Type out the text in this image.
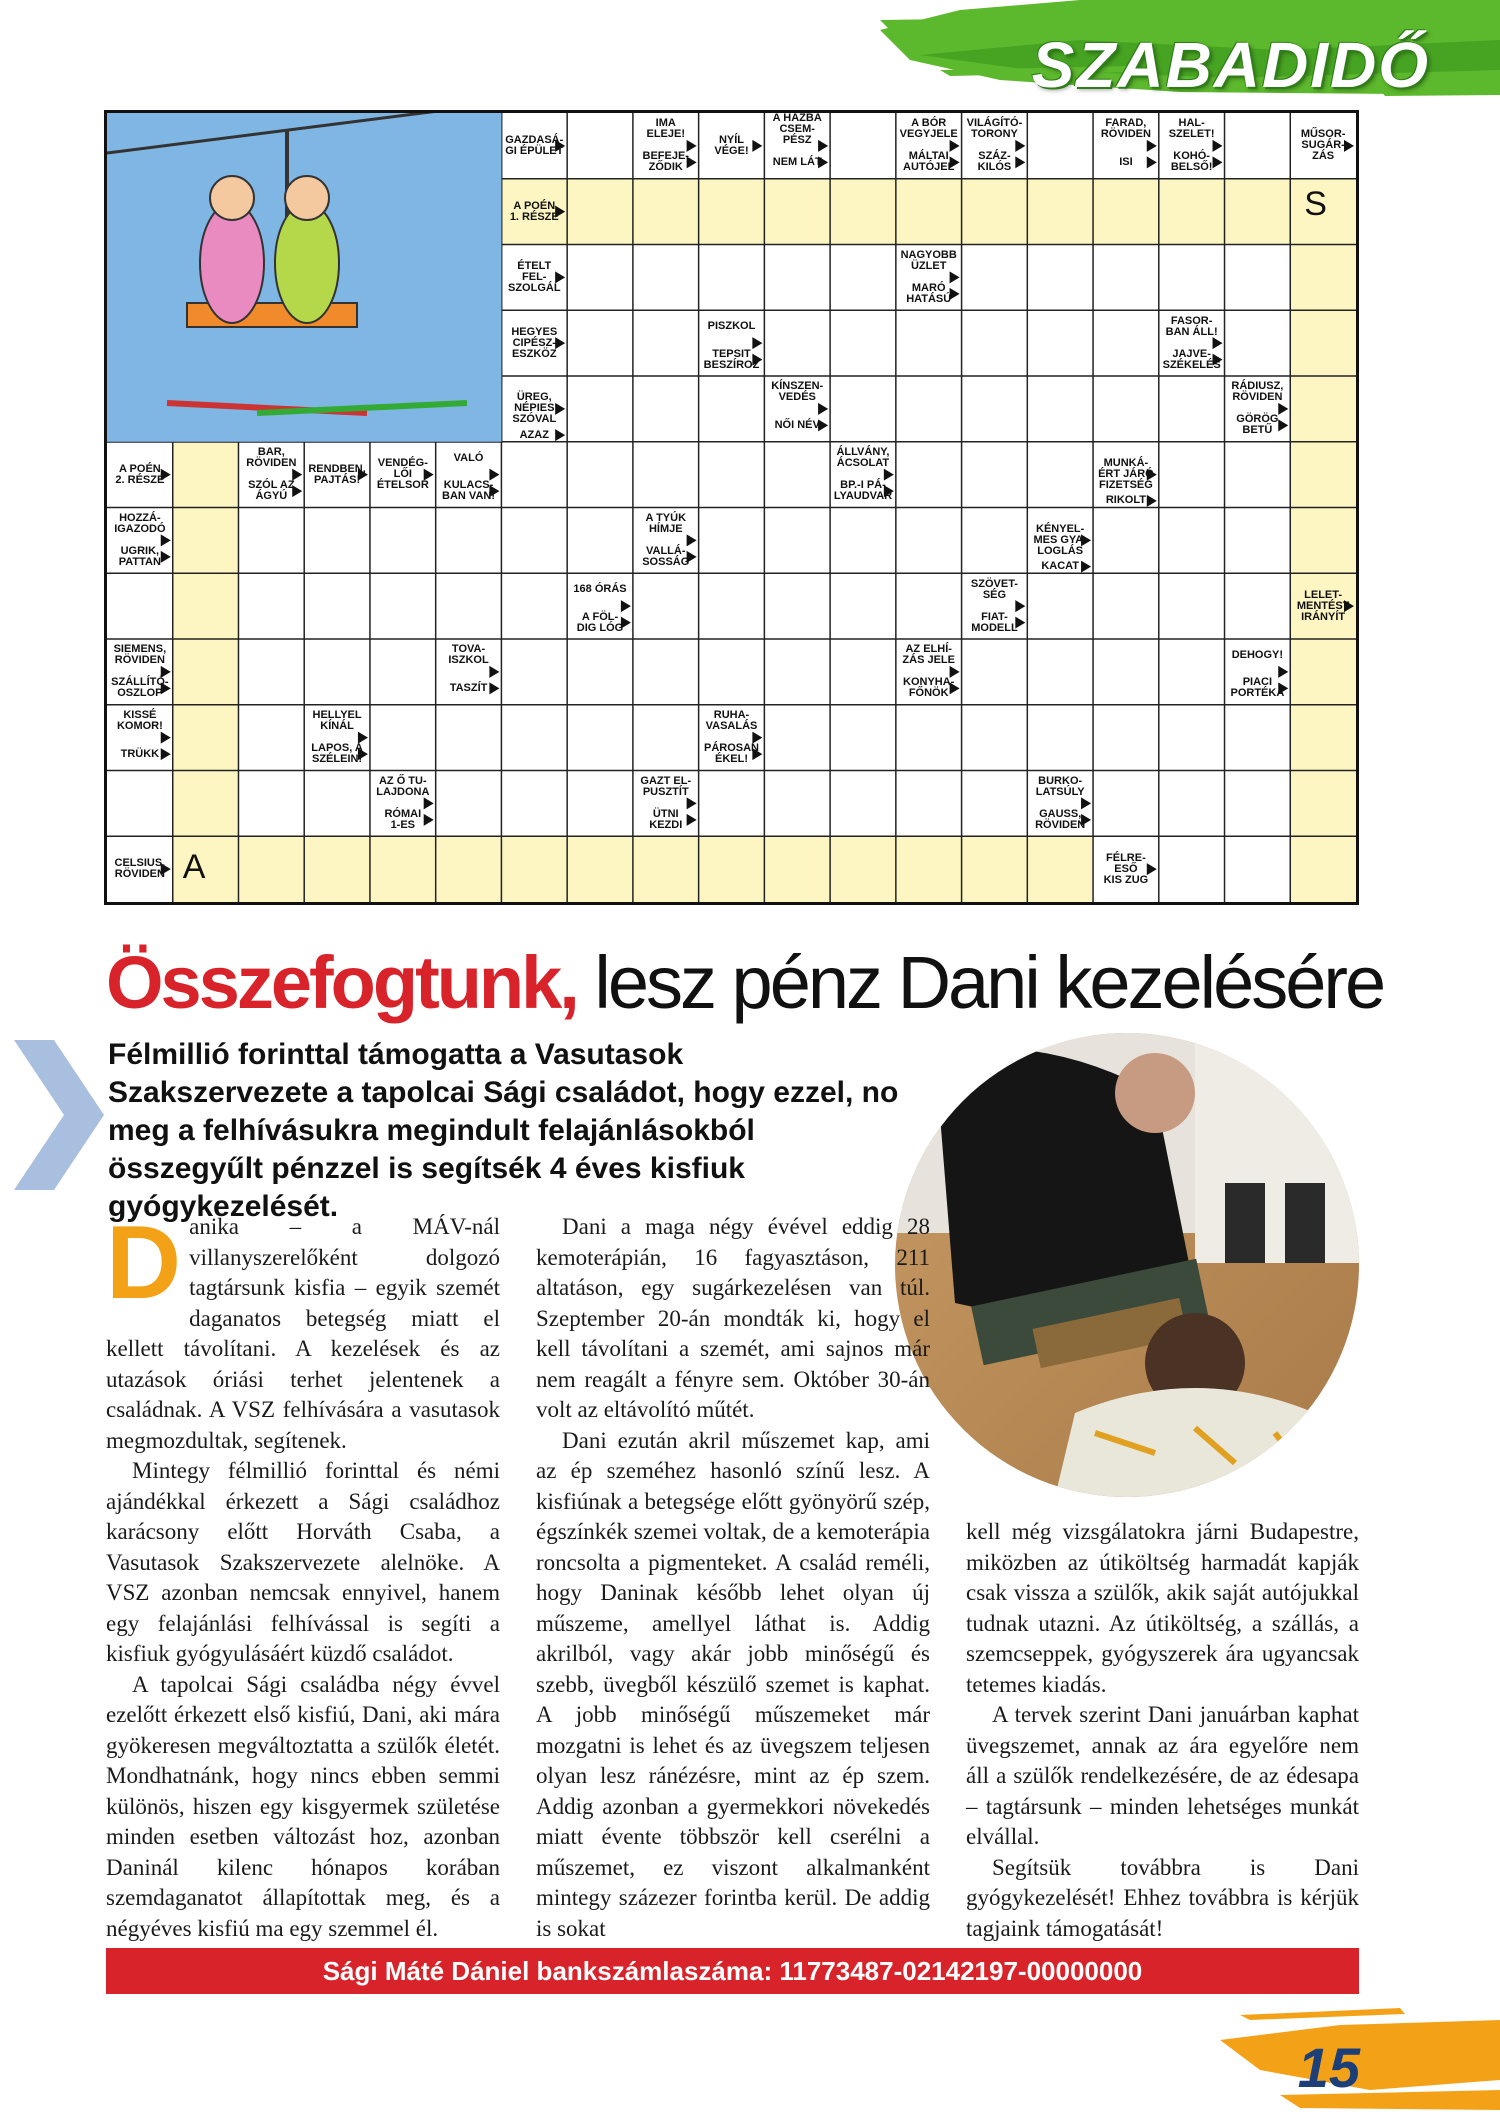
SZABADIDŐ
GAZDASÁ-
GI ÉPÜLET
IMA
ELEJE!
BEFEJE-
ZŐDIK
NYÍL
VÉGE!
A HÁZBA
CSEM-
PÉSZ
NEM LÁT
A BÓR
VEGYJELE
MÁLTAI
AUTÓJEL
VILÁGÍTÓ-
TORONY
SZÁZ-
KILÓS
FARAD,
RÖVIDEN
ISI
HAL-
SZELET!
KOHÓ-
BELSŐ!
MŰSOR-
SUGÁR-
ZÁS
A POÉN
1. RÉSZE
ÉTELT
FEL-
SZOLGÁL
NAGYOBB
ÜZLET
MARÓ
HATÁSÚ
HEGYES
CIPÉSZ-
ESZKÖZ
PISZKOL
TEPSIT
BESZÍROZ
FASOR-
BAN ÁLL!
JAJVE-
SZÉKELÉS
ÜREG,
NÉPIES
SZÓVAL
AZAZ
KÍNSZEN-
VEDÉS
NŐI NÉV
RÁDIUSZ,
RÖVIDEN
GÖRÖG
BETŰ
A POÉN
2. RÉSZE
BAR,
RÖVIDEN
SZÓL AZ
ÁGYÚ
RENDBEN,
PAJTÁS!
VENDÉG-
LŐI
ÉTELSOR
VALÓ
KULACS-
BAN VAN!
ÁLLVÁNY,
ÁCSOLAT
BP.-I PÁ-
LYAUDVAR
MUNKÁ-
ÉRT JÁRÓ
FIZETSÉG
RIKOLT
HOZZÁ-
IGAZODÓ
UGRIK,
PATTAN
A TYÚK
HÍMJE
VALLÁ-
SOSSÁG
KÉNYEL-
MES GYA-
LOGLÁS
KACAT
168 ÓRÁS
A FÖL-
DIG LÓG
SZÖVET-
SÉG
FIAT-
MODELL
LELET-
MENTÉST
IRÁNYÍT
SIEMENS,
RÖVIDEN
SZÁLLÍTÓ-
OSZLOP
TOVA-
ISZKOL
TASZÍT
AZ ELHÍ-
ZÁS JELE
KONYHA-
FŐNÖK
DEHOGY!
PIACI
PORTÉKA
KISSÉ
KOMOR!
TRÜKK
HELLYEL
KÍNÁL
LAPOS, A
SZÉLEIN!
RUHA-
VASALÁS
PÁROSAN
ÉKEL!
AZ Ő TU-
LAJDONA
RÓMAI
1-ES
GAZT EL-
PUSZTÍT
ÜTNI
KEZDI
BURKO-
LATSÚLY
GAUSS,
RÖVIDEN
CELSIUS,
RÖVIDEN
FÉLRE-
ESŐ
KIS ZUG
S
A
Összefogtunk, lesz pénz Dani kezelésére
Félmillió forinttal támogatta a Vasutasok Szakszervezete a tapolcai Sági családot, hogy ezzel, no meg a felhívásukra megindult felajánlásokból összegyűlt pénzzel is segítsék 4 éves kisfiuk gyógykezelését.

Danika – a MÁV-nál villanyszerelőként dolgozó tagtársunk kisfia – egyik szemét daganatos betegség miatt el kellett távolítani. A kezelések és az utazások óriási terhet jelentenek a családnak. A VSZ felhívására a vasutasok megmozdultak, segítenek.

Mintegy félmillió forinttal és némi ajándékkal érkezett a Sági családhoz karácsony előtt Horváth Csaba, a Vasutasok Szakszervezete alelnöke. A VSZ azonban nemcsak ennyivel, hanem egy felajánlási felhívással is segíti a kisfiuk gyógyulásáért küzdő családot.

A tapolcai Sági családba négy évvel ezelőtt érkezett első kisfiú, Dani, aki mára gyökeresen megváltoztatta a szülők életét. Mondhatnánk, hogy nincs ebben semmi különös, hiszen egy kisgyermek születése minden esetben változást hoz, azonban Daninál kilenc hónapos korában szemdaganatot állapítottak meg, és a négyéves kisfiú ma egy szemmel él.

Dani a maga négy évével eddig 28 kemoterápián, 16 fagyasztáson, 211 altatáson, egy sugárkezelésen van túl. Szeptember 20-án mondták ki, hogy el kell távolítani a szemét, ami sajnos már nem reagált a fényre sem. Október 30-án volt az eltávolító műtét.

Dani ezután akril műszemet kap, ami az ép szeméhez hasonló színű lesz. A kisfiúnak a betegsége előtt gyönyörű szép, égszínkék szemei voltak, de a kemoterápia roncsolta a pigmenteket. A család reméli, hogy Daninak később lehet olyan új műszeme, amellyel láthat is. Addig akrilból, vagy akár jobb minőségű és szebb, üvegből készülő szemet is kaphat. A jobb minőségű műszemeket már mozgatni is lehet és az üvegszem teljesen olyan lesz ránézésre, mint az ép szem. Addig azonban a gyermekkori növekedés miatt évente többször kell cserélni a műszemet, ez viszont alkalmanként mintegy százezer forintba kerül. De addig is sokat

kell még vizsgálatokra járni Budapestre, miközben az útiköltség harmadát kapják csak vissza a szülők, akik saját autójukkal tudnak utazni. Az útiköltség, a szállás, a szemcseppek, gyógyszerek ára ugyancsak tetemes kiadás.

A tervek szerint Dani januárban kaphat üvegszemet, annak az ára egyelőre nem áll a szülők rendelkezésére, de az édesapa – tagtársunk – minden lehetséges munkát elvállal.

Segítsük továbbra is Dani gyógykezelését! Ehhez továbbra is kérjük tagjaink támogatását!

Sági Máté Dániel bankszámlaszáma: 11773487-02142197-00000000
15
